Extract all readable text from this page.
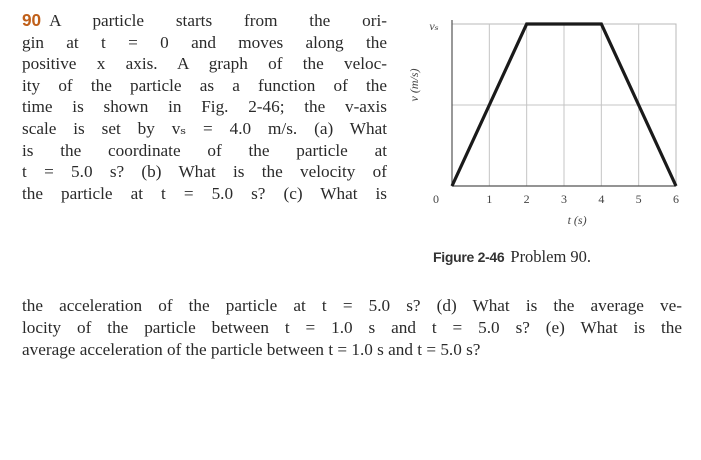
90 A particle starts from the ori-
gin at t = 0 and moves along the
positive x axis. A graph of the veloc-
ity of the particle as a function of the
time is shown in Fig. 2-46; the v-axis
scale is set by vₛ = 4.0 m/s. (a) What
is the coordinate of the particle at
t = 5.0 s? (b) What is the velocity of
the particle at t = 5.0 s? (c) What is	0	1	2	3	4	5	6
t (s)
vₛ
v (m/s)
Figure 2-46 Problem 90.
the acceleration of the particle at t = 5.0 s? (d) What is the average ve-
locity of the particle between t = 1.0 s and t = 5.0 s? (e) What is the
average acceleration of the particle between t = 1.0 s and t = 5.0 s?
